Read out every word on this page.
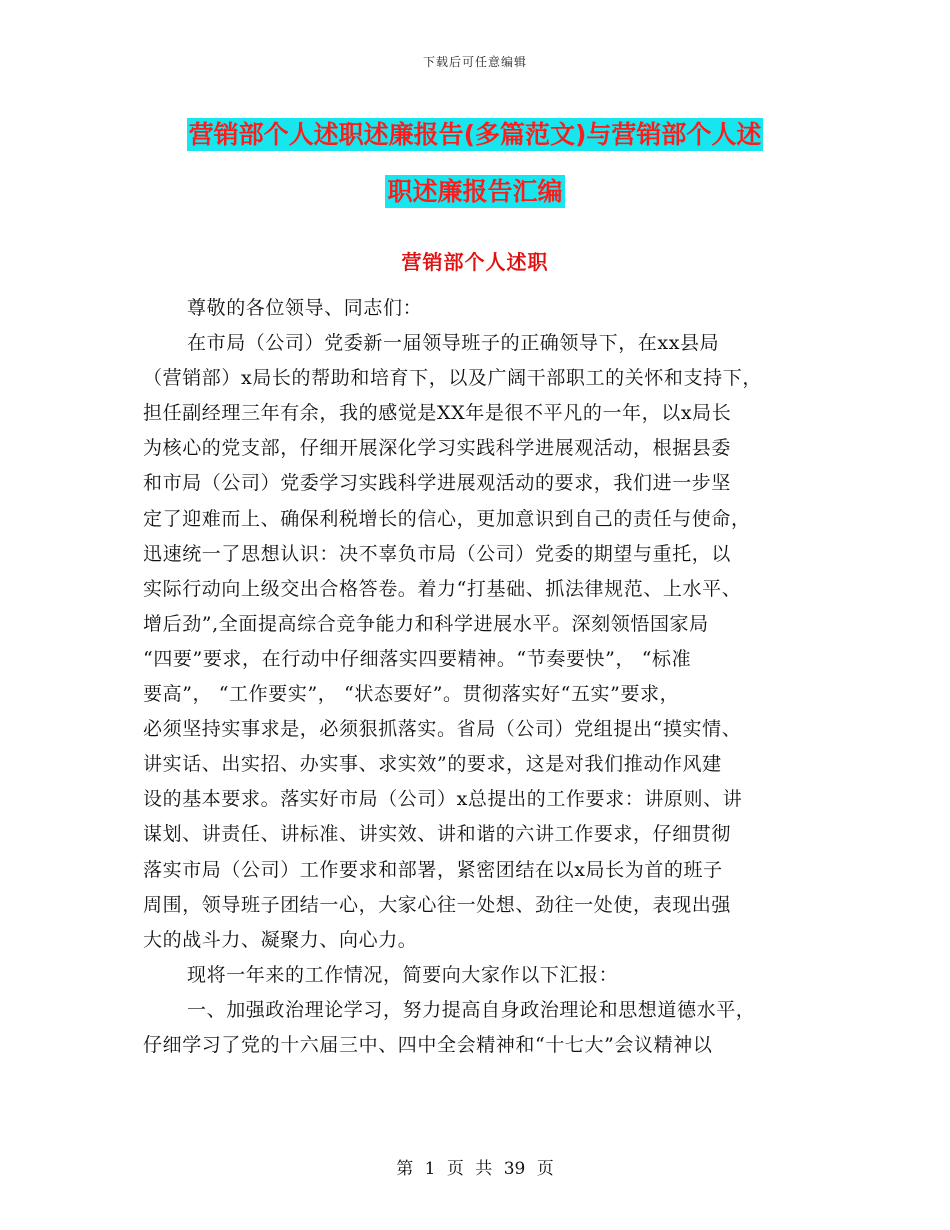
下载后可任意编辑
营销部个人述职述廉报告(多篇范文)与营销部个人述
职述廉报告汇编
营销部个人述职
尊敬的各位领导、同志们：
在市局（公司）党委新一届领导班子的正确领导下，在xx县局
（营销部）x局长的帮助和培育下，以及广阔干部职工的关怀和支持下，
担任副经理三年有余，我的感觉是XX年是很不平凡的一年，以x局长
为核心的党支部，仔细开展深化学习实践科学进展观活动，根据县委
和市局（公司）党委学习实践科学进展观活动的要求，我们进一步坚
定了迎难而上、确保利税增长的信心，更加意识到自己的责任与使命，
迅速统一了思想认识：决不辜负市局（公司）党委的期望与重托，以
实际行动向上级交出合格答卷。着力“打基础、抓法律规范、上水平、
增后劲”,全面提高综合竞争能力和科学进展水平。深刻领悟国家局
“四要”要求，在行动中仔细落实四要精神。“节奏要快”， “标准
要高”， “工作要实”， “状态要好”。贯彻落实好“五实”要求，
必须坚持实事求是，必须狠抓落实。省局（公司）党组提出“摸实情、
讲实话、出实招、办实事、求实效”的要求，这是对我们推动作风建
设的基本要求。落实好市局（公司）x总提出的工作要求：讲原则、讲
谋划、讲责任、讲标准、讲实效、讲和谐的六讲工作要求，仔细贯彻
落实市局（公司）工作要求和部署，紧密团结在以x局长为首的班子
周围，领导班子团结一心，大家心往一处想、劲往一处使，表现出强
大的战斗力、凝聚力、向心力。
现将一年来的工作情况，简要向大家作以下汇报：
一、加强政治理论学习，努力提高自身政治理论和思想道德水平，
仔细学习了党的十六届三中、四中全会精神和“十七大”会议精神以
第 1 页 共 39 页
